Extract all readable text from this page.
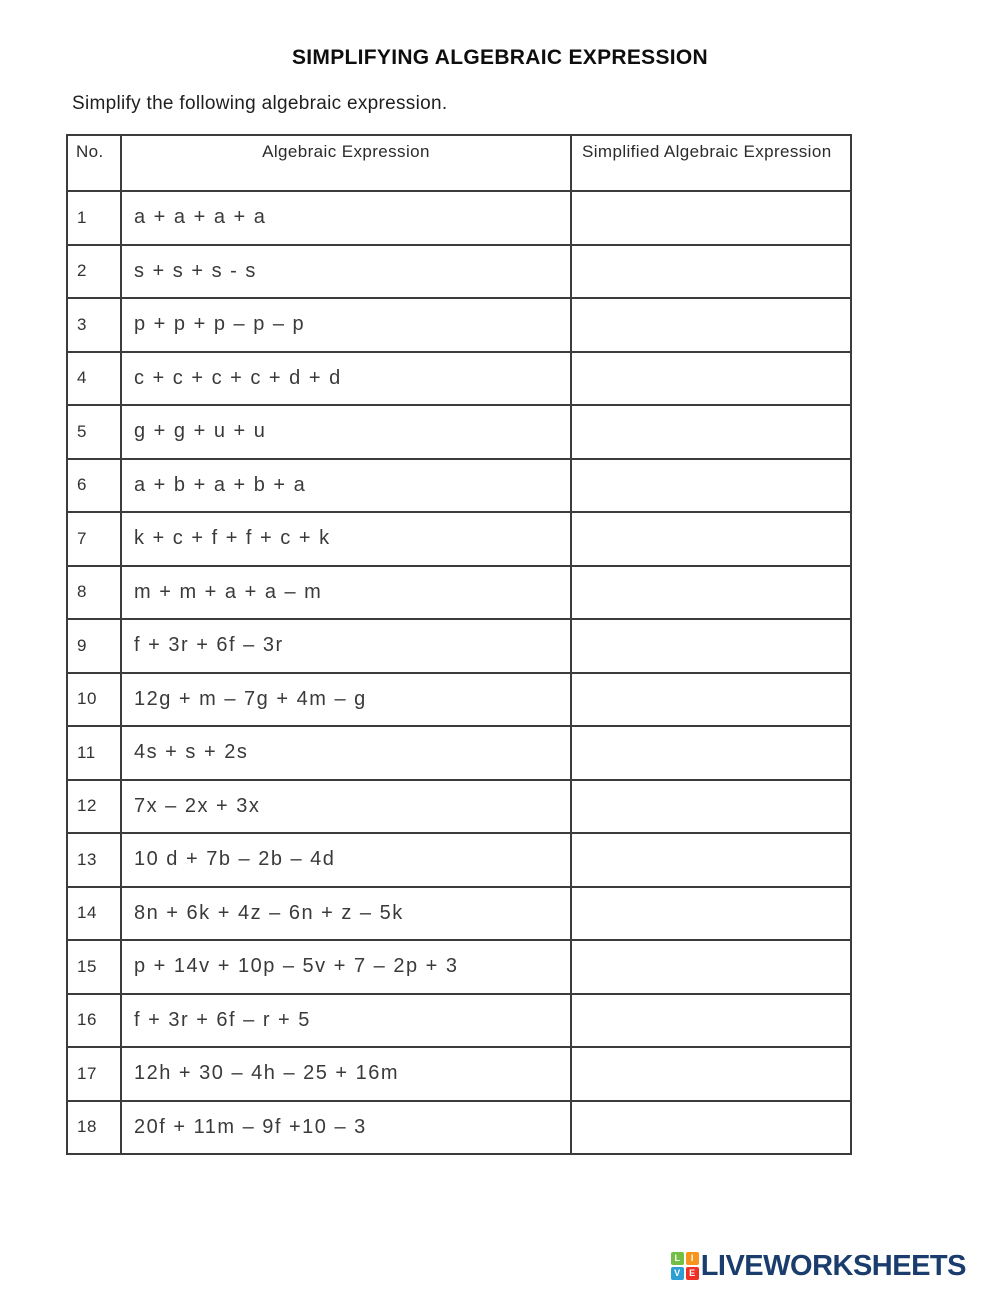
SIMPLIFYING ALGEBRAIC EXPRESSION
Simplify the following algebraic expression.
No.	Algebraic Expression	Simplified Algebraic Expression
1	a + a + a + a	
2	s + s + s - s	
3	p + p + p – p – p	
4	c + c + c + c + d + d	
5	g + g + u + u	
6	a + b + a + b + a	
7	k + c + f + f + c + k	
8	m + m + a + a – m	
9	f + 3r + 6f – 3r	
10	12g + m – 7g + 4m – g	
11	4s + s + 2s	
12	7x – 2x + 3x	
13	10 d + 7b – 2b – 4d	
14	8n + 6k + 4z – 6n + z – 5k	
15	p + 14v + 10p – 5v + 7 – 2p + 3	
16	f + 3r + 6f – r + 5	
17	12h + 30 – 4h – 25 + 16m	
18	20f + 11m – 9f +10 – 3	
L	I
V E LIVEWORKSHEETS
